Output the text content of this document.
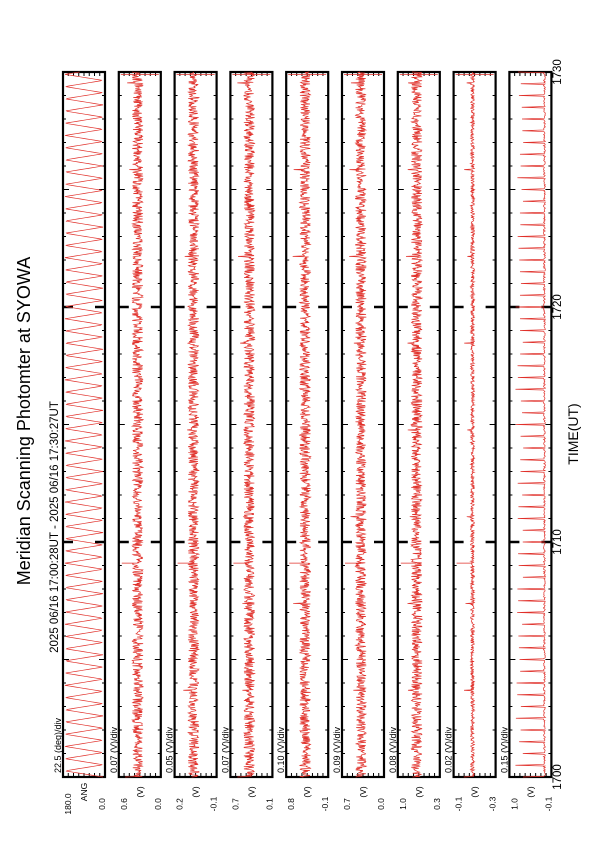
Meridian Scanning Photomter at SYOWA 2025 06/16 17:00:28UT - 2025 06/16 17:30:27UT
22.5 (deg)/div
ANG
180.0	0.0
0.07 (V)/div
(V)
0.6	0.0
0.05 (V)/div
(V)
0.2	-0.1
0.07 (V)/div
(V)
0.7	0.1
0.10 (V)/div
(V)
0.8	-0.1
0.09 (V)/div
(V)
0.7	0.0
0.08 (V)/div
(V)
1.0	0.3
0.02 (V)/div
(V)
-0.1	-0.3
0.15 (V)/div
(V)
1.0	-0.1
1700
1710
1720
1730
TIME(UT)
